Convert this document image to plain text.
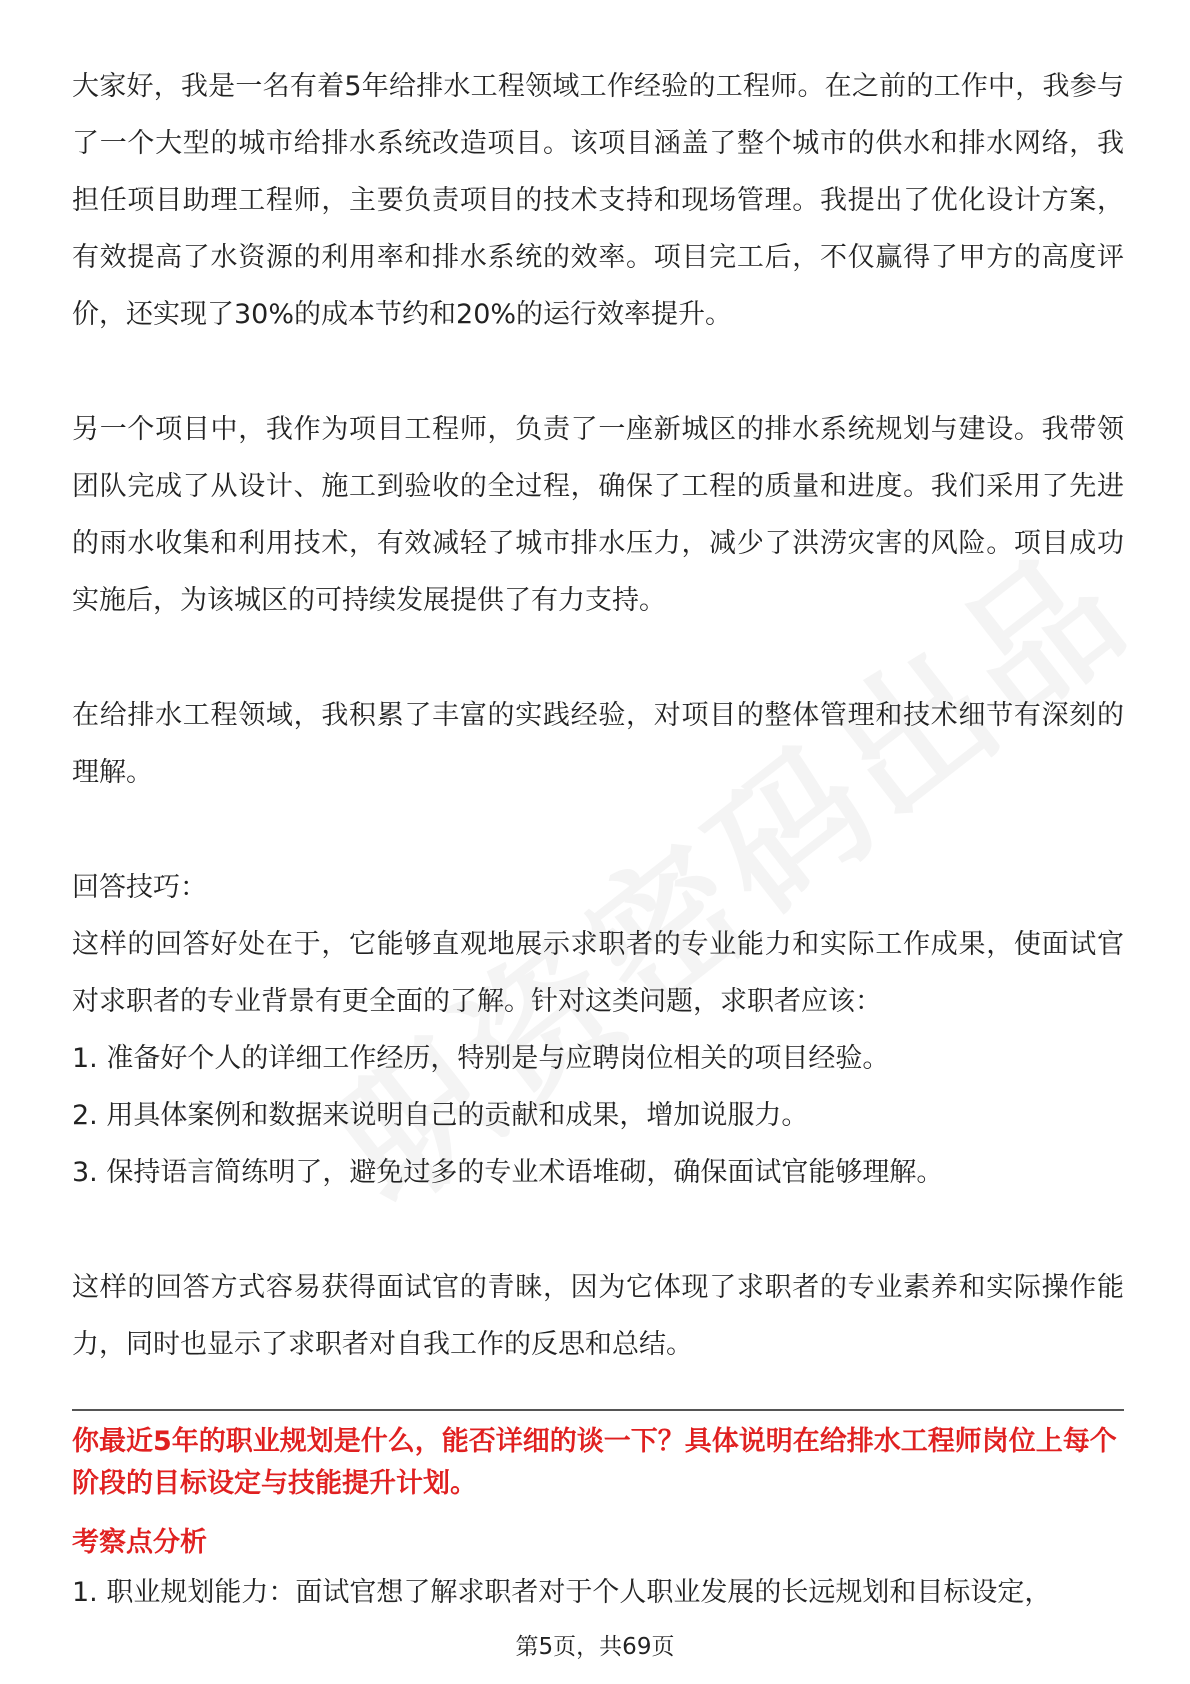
大家好，我是一名有着5年给排水工程领域工作经验的工程师。在之前的工作中，我参与了一个大型的城市给排水系统改造项目。该项目涵盖了整个城市的供水和排水网络，我担任项目助理工程师，主要负责项目的技术支持和现场管理。我提出了优化设计方案，有效提高了水资源的利用率和排水系统的效率。项目完工后，不仅赢得了甲方的高度评价，还实现了30%的成本节约和20%的运行效率提升。

另一个项目中，我作为项目工程师，负责了一座新城区的排水系统规划与建设。我带领团队完成了从设计、施工到验收的全过程，确保了工程的质量和进度。我们采用了先进的雨水收集和利用技术，有效减轻了城市排水压力，减少了洪涝灾害的风险。项目成功实施后，为该城区的可持续发展提供了有力支持。

在给排水工程领域，我积累了丰富的实践经验，对项目的整体管理和技术细节有深刻的理解。

回答技巧：

这样的回答好处在于，它能够直观地展示求职者的专业能力和实际工作成果，使面试官对求职者的专业背景有更全面的了解。针对这类问题，求职者应该：

1. 准备好个人的详细工作经历，特别是与应聘岗位相关的项目经验。

2. 用具体案例和数据来说明自己的贡献和成果，增加说服力。

3. 保持语言简练明了，避免过多的专业术语堆砌，确保面试官能够理解。

这样的回答方式容易获得面试官的青睐，因为它体现了求职者的专业素养和实际操作能力，同时也显示了求职者对自我工作的反思和总结。

你最近5年的职业规划是什么，能否详细的谈一下？具体说明在给排水工程师岗位上每个阶段的目标设定与技能提升计划。

考察点分析

1. 职业规划能力：面试官想了解求职者对于个人职业发展的长远规划和目标设定，

第5页，共69页
